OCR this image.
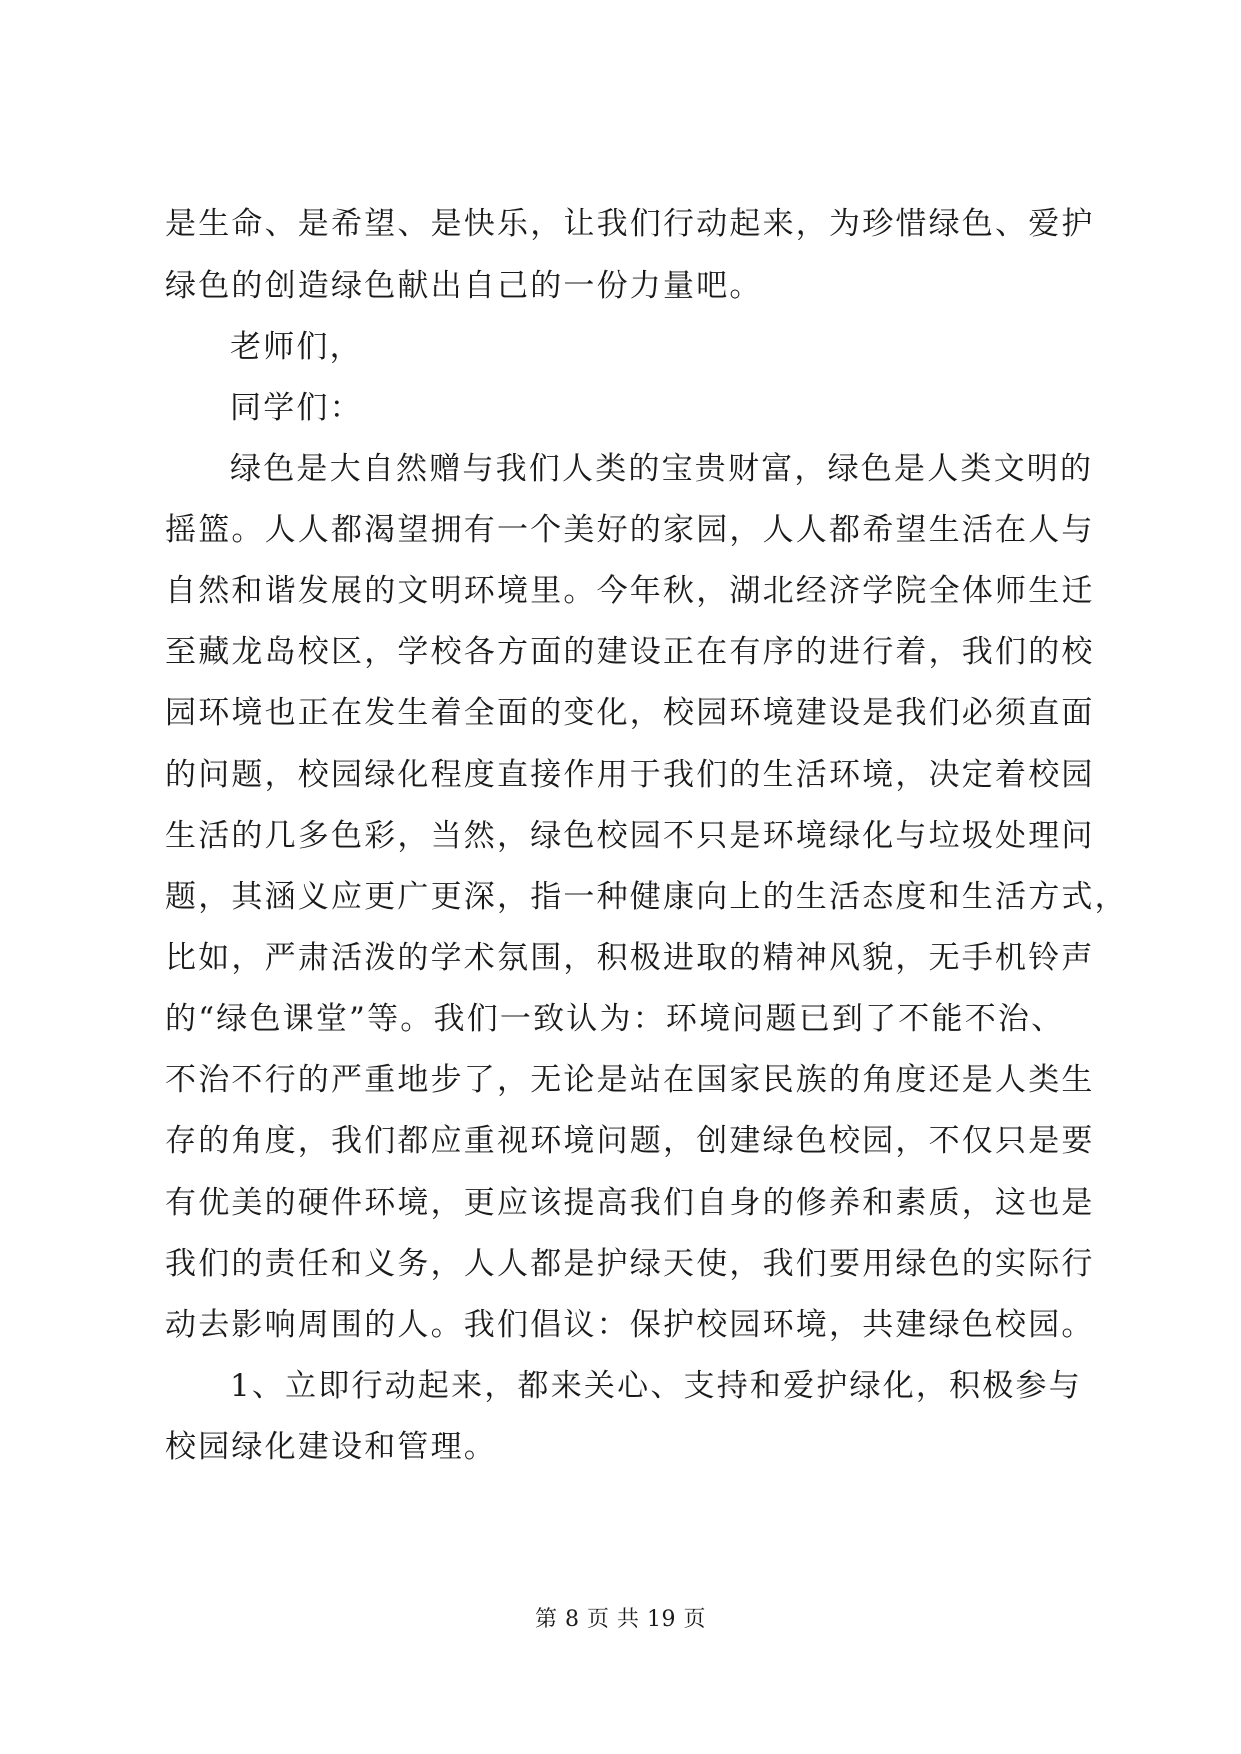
是生命、是希望、是快乐，让我们行动起来，为珍惜绿色、爱护
绿色的创造绿色献出自己的一份力量吧。
老师们，
同学们：
绿色是大自然赠与我们人类的宝贵财富，绿色是人类文明的
摇篮。人人都渴望拥有一个美好的家园，人人都希望生活在人与
自然和谐发展的文明环境里。今年秋，湖北经济学院全体师生迁
至藏龙岛校区，学校各方面的建设正在有序的进行着，我们的校
园环境也正在发生着全面的变化，校园环境建设是我们必须直面
的问题，校园绿化程度直接作用于我们的生活环境，决定着校园
生活的几多色彩，当然，绿色校园不只是环境绿化与垃圾处理问
题，其涵义应更广更深，指一种健康向上的生活态度和生活方式，
比如，严肃活泼的学术氛围，积极进取的精神风貌，无手机铃声
的“绿色课堂”等。我们一致认为：环境问题已到了不能不治、
不治不行的严重地步了，无论是站在国家民族的角度还是人类生
存的角度，我们都应重视环境问题，创建绿色校园，不仅只是要
有优美的硬件环境，更应该提高我们自身的修养和素质，这也是
我们的责任和义务，人人都是护绿天使，我们要用绿色的实际行
动去影响周围的人。我们倡议：保护校园环境，共建绿色校园。
1、立即行动起来，都来关心、支持和爱护绿化，积极参与
校园绿化建设和管理。
第 8 页 共 19 页
